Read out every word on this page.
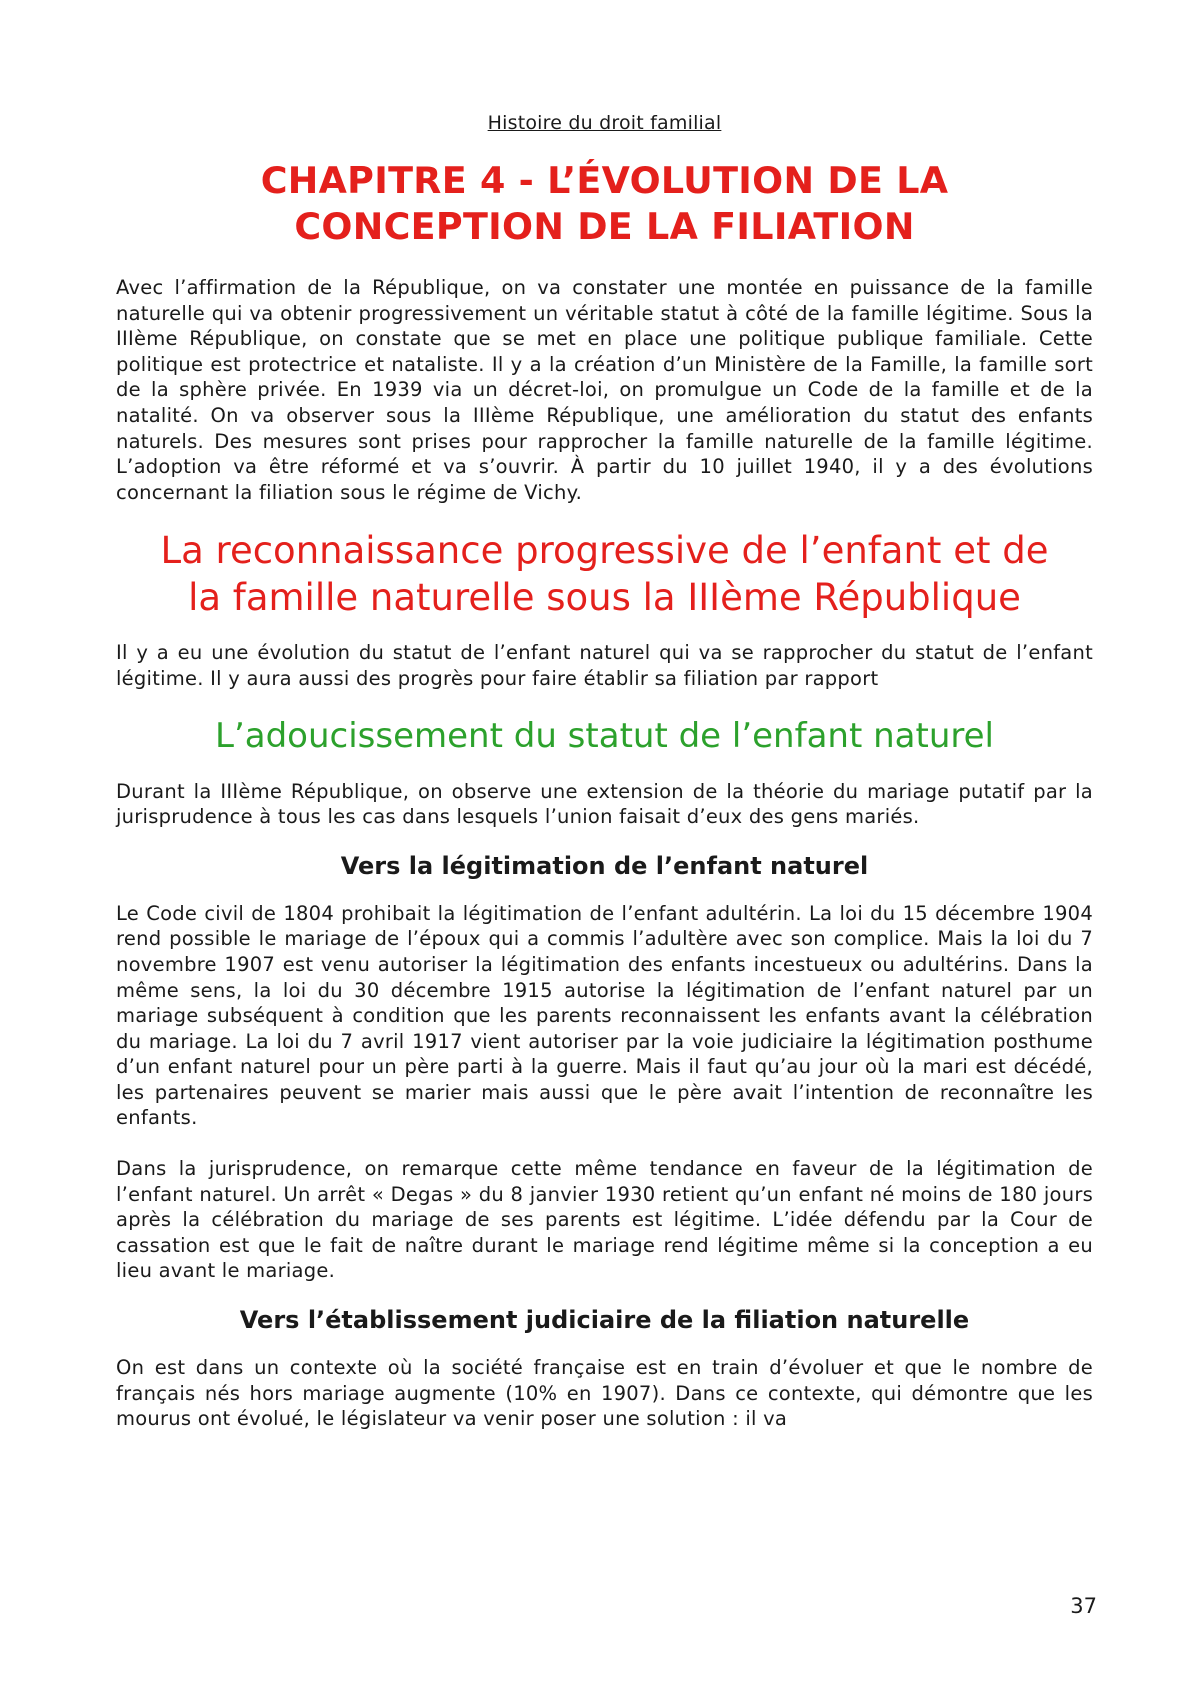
Histoire du droit familial
CHAPITRE 4 - L’ÉVOLUTION DE LA
CONCEPTION DE LA FILIATION

Avec l’affirmation de la République, on va constater une montée en puissance de la famille naturelle qui va obtenir progressivement un véritable statut à côté de la famille légitime. Sous la IIIème République, on constate que se met en place une politique publique familiale. Cette politique est protectrice et nataliste. Il y a la création d’un Ministère de la Famille, la famille sort de la sphère privée. En 1939 via un décret-loi, on promulgue un Code de la famille et de la natalité. On va observer sous la IIIème République, une amélioration du statut des enfants naturels. Des mesures sont prises pour rapprocher la famille naturelle de la famille légitime. L’adoption va être réformé et va s’ouvrir. À partir du 10 juillet 1940, il y a des évolutions concernant la filiation sous le régime de Vichy.

La reconnaissance progressive de l’enfant et de
la famille naturelle sous la IIIème République

Il y a eu une évolution du statut de l’enfant naturel qui va se rapprocher du statut de l’enfant légitime. Il y aura aussi des progrès pour faire établir sa filiation par rapport

L’adoucissement du statut de l’enfant naturel

Durant la IIIème République, on observe une extension de la théorie du mariage putatif par la jurisprudence à tous les cas dans lesquels l’union faisait d’eux des gens mariés.

Vers la légitimation de l’enfant naturel

Le Code civil de 1804 prohibait la légitimation de l’enfant adultérin. La loi du 15 décembre 1904 rend possible le mariage de l’époux qui a commis l’adultère avec son complice. Mais la loi du 7 novembre 1907 est venu autoriser la légitimation des enfants incestueux ou adultérins. Dans la même sens, la loi du 30 décembre 1915 autorise la légitimation de l’enfant naturel par un mariage subséquent à condition que les parents reconnaissent les enfants avant la célébration du mariage. La loi du 7 avril 1917 vient autoriser par la voie judiciaire la légitimation posthume d’un enfant naturel pour un père parti à la guerre. Mais il faut qu’au jour où la mari est décédé, les partenaires peuvent se marier mais aussi que le père avait l’intention de reconnaître les enfants.

Dans la jurisprudence, on remarque cette même tendance en faveur de la légitimation de l’enfant naturel. Un arrêt « Degas » du 8 janvier 1930 retient qu’un enfant né moins de 180 jours après la célébration du mariage de ses parents est légitime. L’idée défendu par la Cour de cassation est que le fait de naître durant le mariage rend légitime même si la conception a eu lieu avant le mariage.

Vers l’établissement judiciaire de la filiation naturelle

On est dans un contexte où la société française est en train d’évoluer et que le nombre de français nés hors mariage augmente (10% en 1907). Dans ce contexte, qui démontre que les mourus ont évolué, le législateur va venir poser une solution : il va

37
